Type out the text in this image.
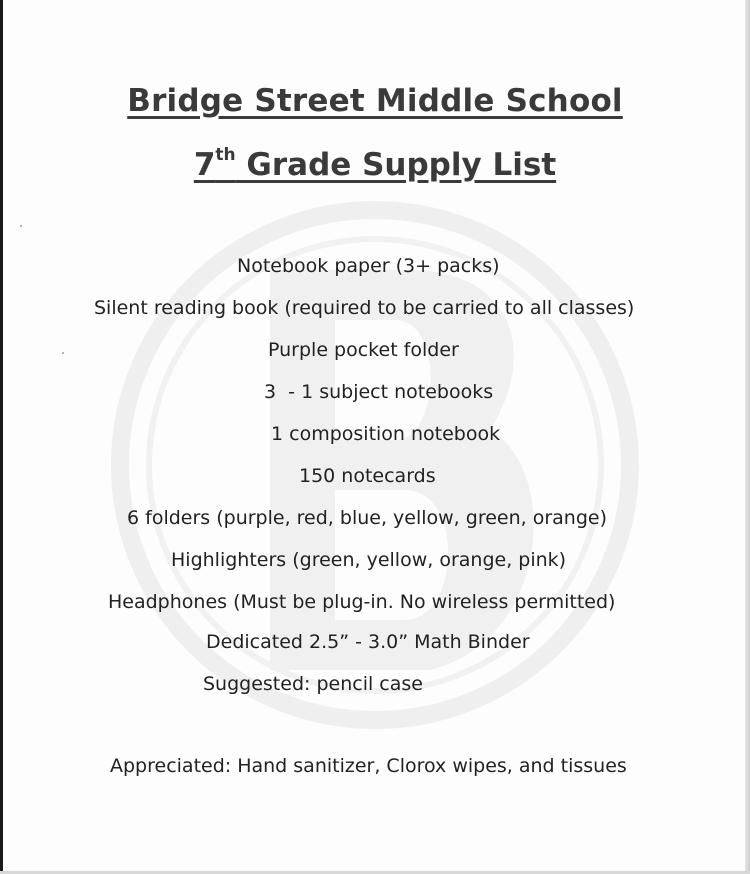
Bridge Street Middle School
7th Grade Supply List
Notebook paper (3+ packs)
Silent reading book (required to be carried to all classes)
Purple pocket folder
3  - 1 subject notebooks
1 composition notebook
150 notecards
6 folders (purple, red, blue, yellow, green, orange)
Highlighters (green, yellow, orange, pink)
Headphones (Must be plug-in. No wireless permitted)
Dedicated 2.5” - 3.0” Math Binder
Suggested: pencil case
Appreciated: Hand sanitizer, Clorox wipes, and tissues
